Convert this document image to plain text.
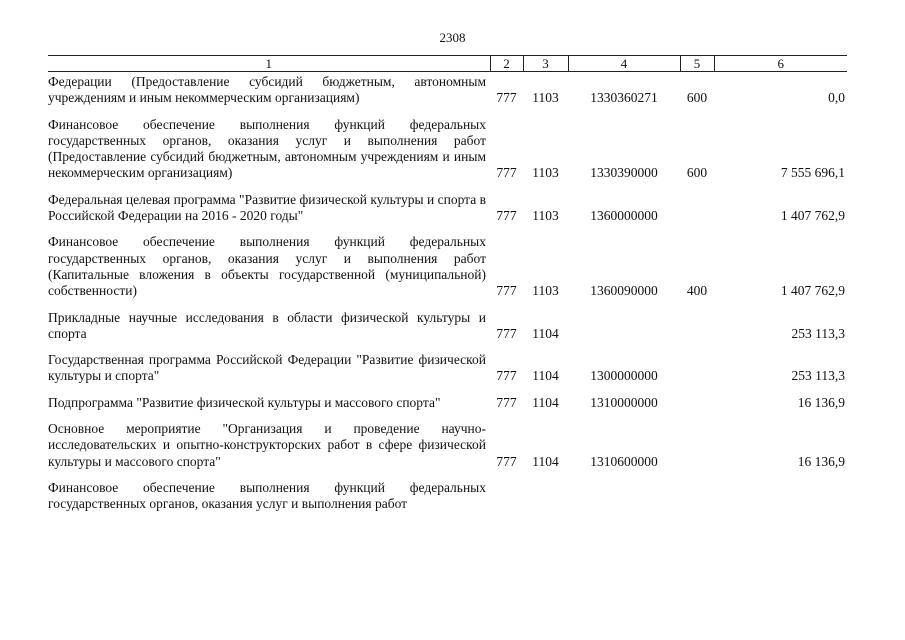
2308
1	2	3	4	5	6
Федерации (Предоставление субсидий бюджетным, автономным учреждениям и иным некоммерческим организациям)	777	1103	1330360271	600	0,0
Финансовое обеспечение выполнения функций федеральных государственных органов, оказания услуг и выполнения работ (Предоставление субсидий бюджетным, автономным учреждениям и иным некоммерческим организациям)	777	1103	1330390000	600	7 555 696,1
Федеральная целевая программа "Развитие физической культуры и спорта в Российской Федерации на 2016 - 2020 годы"	777	1103	1360000000		1 407 762,9
Финансовое обеспечение выполнения функций федеральных государственных органов, оказания услуг и выполнения работ (Капитальные вложения в объекты государственной (муниципальной) собственности)	777	1103	1360090000	400	1 407 762,9
Прикладные научные исследования в области физической культуры и спорта	777	1104			253 113,3
Государственная программа Российской Федерации "Развитие физической культуры и спорта"	777	1104	1300000000		253 113,3
Подпрограмма "Развитие физической культуры и массового спорта"	777	1104	1310000000		16 136,9
Основное мероприятие "Организация и проведение научно-исследовательских и опытно-конструкторских работ в сфере физической культуры и массового спорта"	777	1104	1310600000		16 136,9
Финансовое обеспечение выполнения функций федеральных государственных органов, оказания услуг и выполнения работ					
